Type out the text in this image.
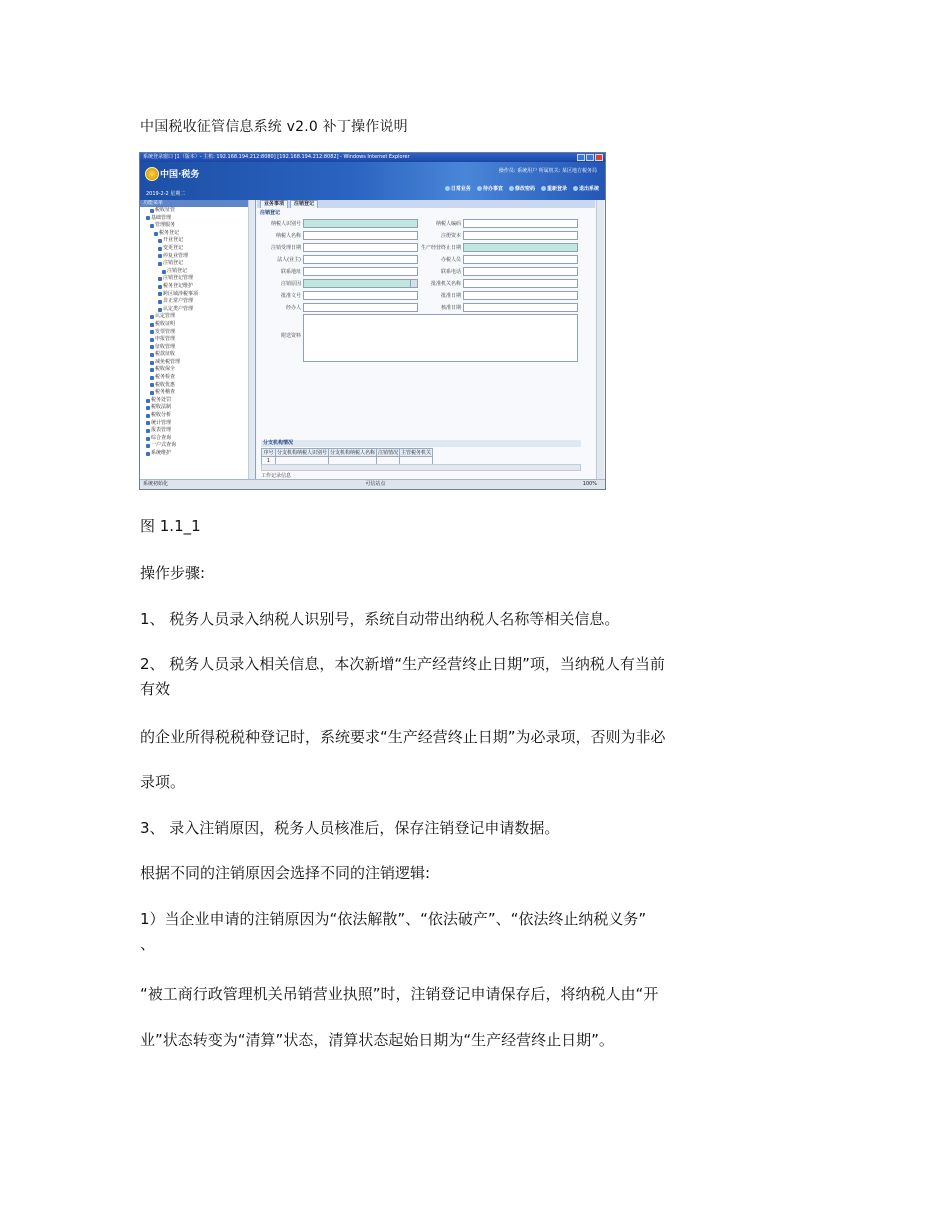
中国税收征管信息系统 v2.0 补丁操作说明
系统登录窗口 [1（版本）- 主机: 192.168.194.212:8080] [192.168.194.212:8082] - Windows Internet Explorer
中国·税务
2019-2-2 星期二
操作员: 系统用户 所属机关: 某区地方税务局
日常业务 待办事宜 修改密码 重新登录 退出系统
功能菜单
税收征管
基础管理
管理服务
税务登记
开业登记
变更登记
停复业管理
注销登记
注销登记
注销登记管理
税务登记维护
跨区域涉税事项
非正常户管理
认定类户管理
认定管理
税收证明
发票管理
申报管理
征收管理
税款征收
减免税管理
税收保全
税务检查
税收优惠
税务稽查
税务处罚
税收法制
税收分析
统计管理
报表管理
综合查询
一户式查询
系统维护
业务事项	注销登记
注销登记
纳税人识别号	纳税人编码
纳税人名称	注册资本
注销受理日期	生产经营终止日期
法人(业主)	办税人员
联系地址	联系电话
注销原因	批准机关名称
批准文号	批准日期
经办人	核准日期
附送资料
分支机构情况
序号	分支机构纳税人识别号	分支机构纳税人名称	注销情况	主管税务机关
1				
工作记录信息
系统初始化	可信站点	100%
图 1.1_1
操作步骤:
1、 税务人员录入纳税人识别号，系统自动带出纳税人名称等相关信息。
2、 税务人员录入相关信息，本次新增“生产经营终止日期”项，当纳税人有当前
有效
的企业所得税税种登记时，系统要求“生产经营终止日期”为必录项，否则为非必
录项。
3、 录入注销原因，税务人员核准后，保存注销登记申请数据。
根据不同的注销原因会选择不同的注销逻辑:
1）当企业申请的注销原因为“依法解散”、“依法破产”、“依法终止纳税义务”
、
“被工商行政管理机关吊销营业执照”时，注销登记申请保存后，将纳税人由“开
业”状态转变为“清算”状态，清算状态起始日期为“生产经营终止日期”。
